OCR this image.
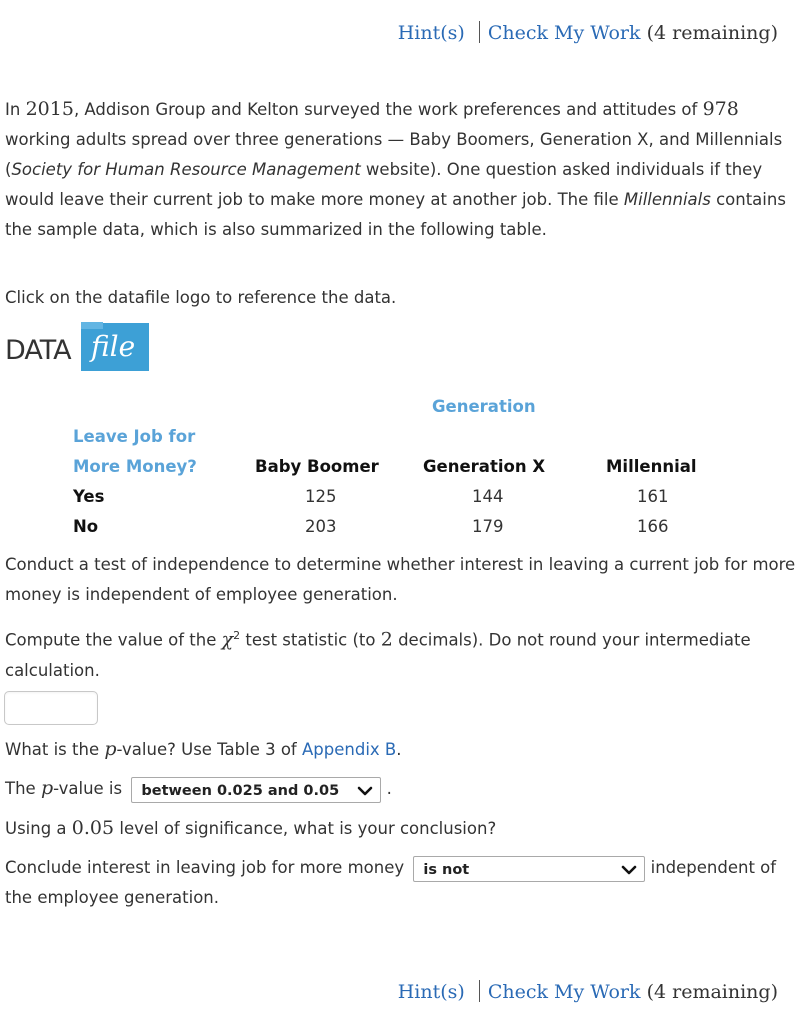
Hint(s) Check My Work (4 remaining)

In 2015, Addison Group and Kelton surveyed the work preferences and attitudes of 978 working adults spread over three generations — Baby Boomers, Generation X, and Millennials (Society for Human Resource Management website). One question asked individuals if they would leave their current job to make more money at another job. The file Millennials contains the sample data, which is also summarized in the following table.

Click on the datafile logo to reference the data.

DATA file
Generation
Leave Job for
More Money?	Baby Boomer	Generation X	Millennial
Yes	125	144	161
No	203	179	166

Conduct a test of independence to determine whether interest in leaving a current job for more money is independent of employee generation.

Compute the value of the $\chi^2$ test statistic (to 2 decimals). Do not round your intermediate calculation.

What is the p-value? Use Table 3 of Appendix B.

The p-value is between 0.025 and 0.05	.

Using a 0.05 level of significance, what is your conclusion?

Conclude interest in leaving job for more money is not	independent of the employee generation.

Hint(s) Check My Work (4 remaining)
